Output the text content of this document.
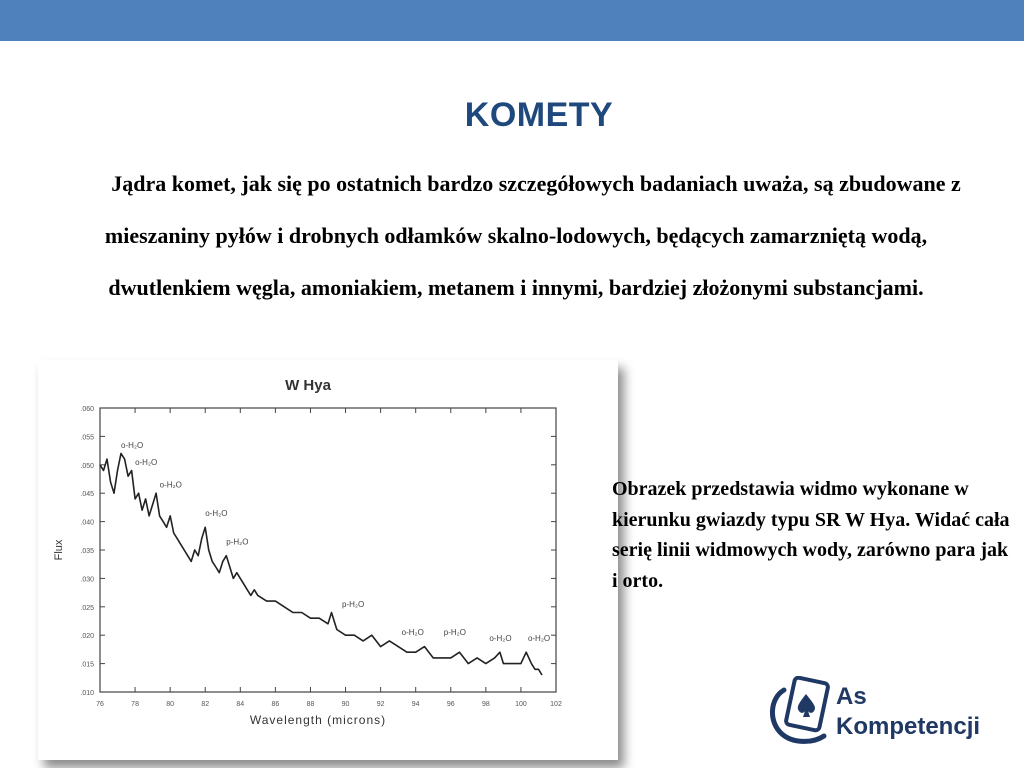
KOMETY
Jądra komet, jak się po ostatnich bardzo szczegółowych badaniach uważa, są zbudowane z mieszaniny pyłów i drobnych odłamków skalno-lodowych, będących zamarzniętą wodą, dwutlenkiem węgla, amoniakiem, metanem i innymi, bardziej złożonymi substancjami.
76	78	80	82	84	86	88	90	92	94	96	98	100	102
.010
.015
.020
.025
.030
.035
.040
.045
.050
.055
.060
W Hya
Wavelength (microns)
Flux
o-H₂O
o-H₂O
o-H₂O
o-H₂O
p-H₂O
p-H₂O
o-H₂O p-H₂O
o-H₂O o-H₂O
Obrazek przedstawia widmo wykonane w kierunku gwiazdy typu SR W Hya. Widać cała serię linii widmowych wody, zarówno para jak i orto.
As
Kompetencji
